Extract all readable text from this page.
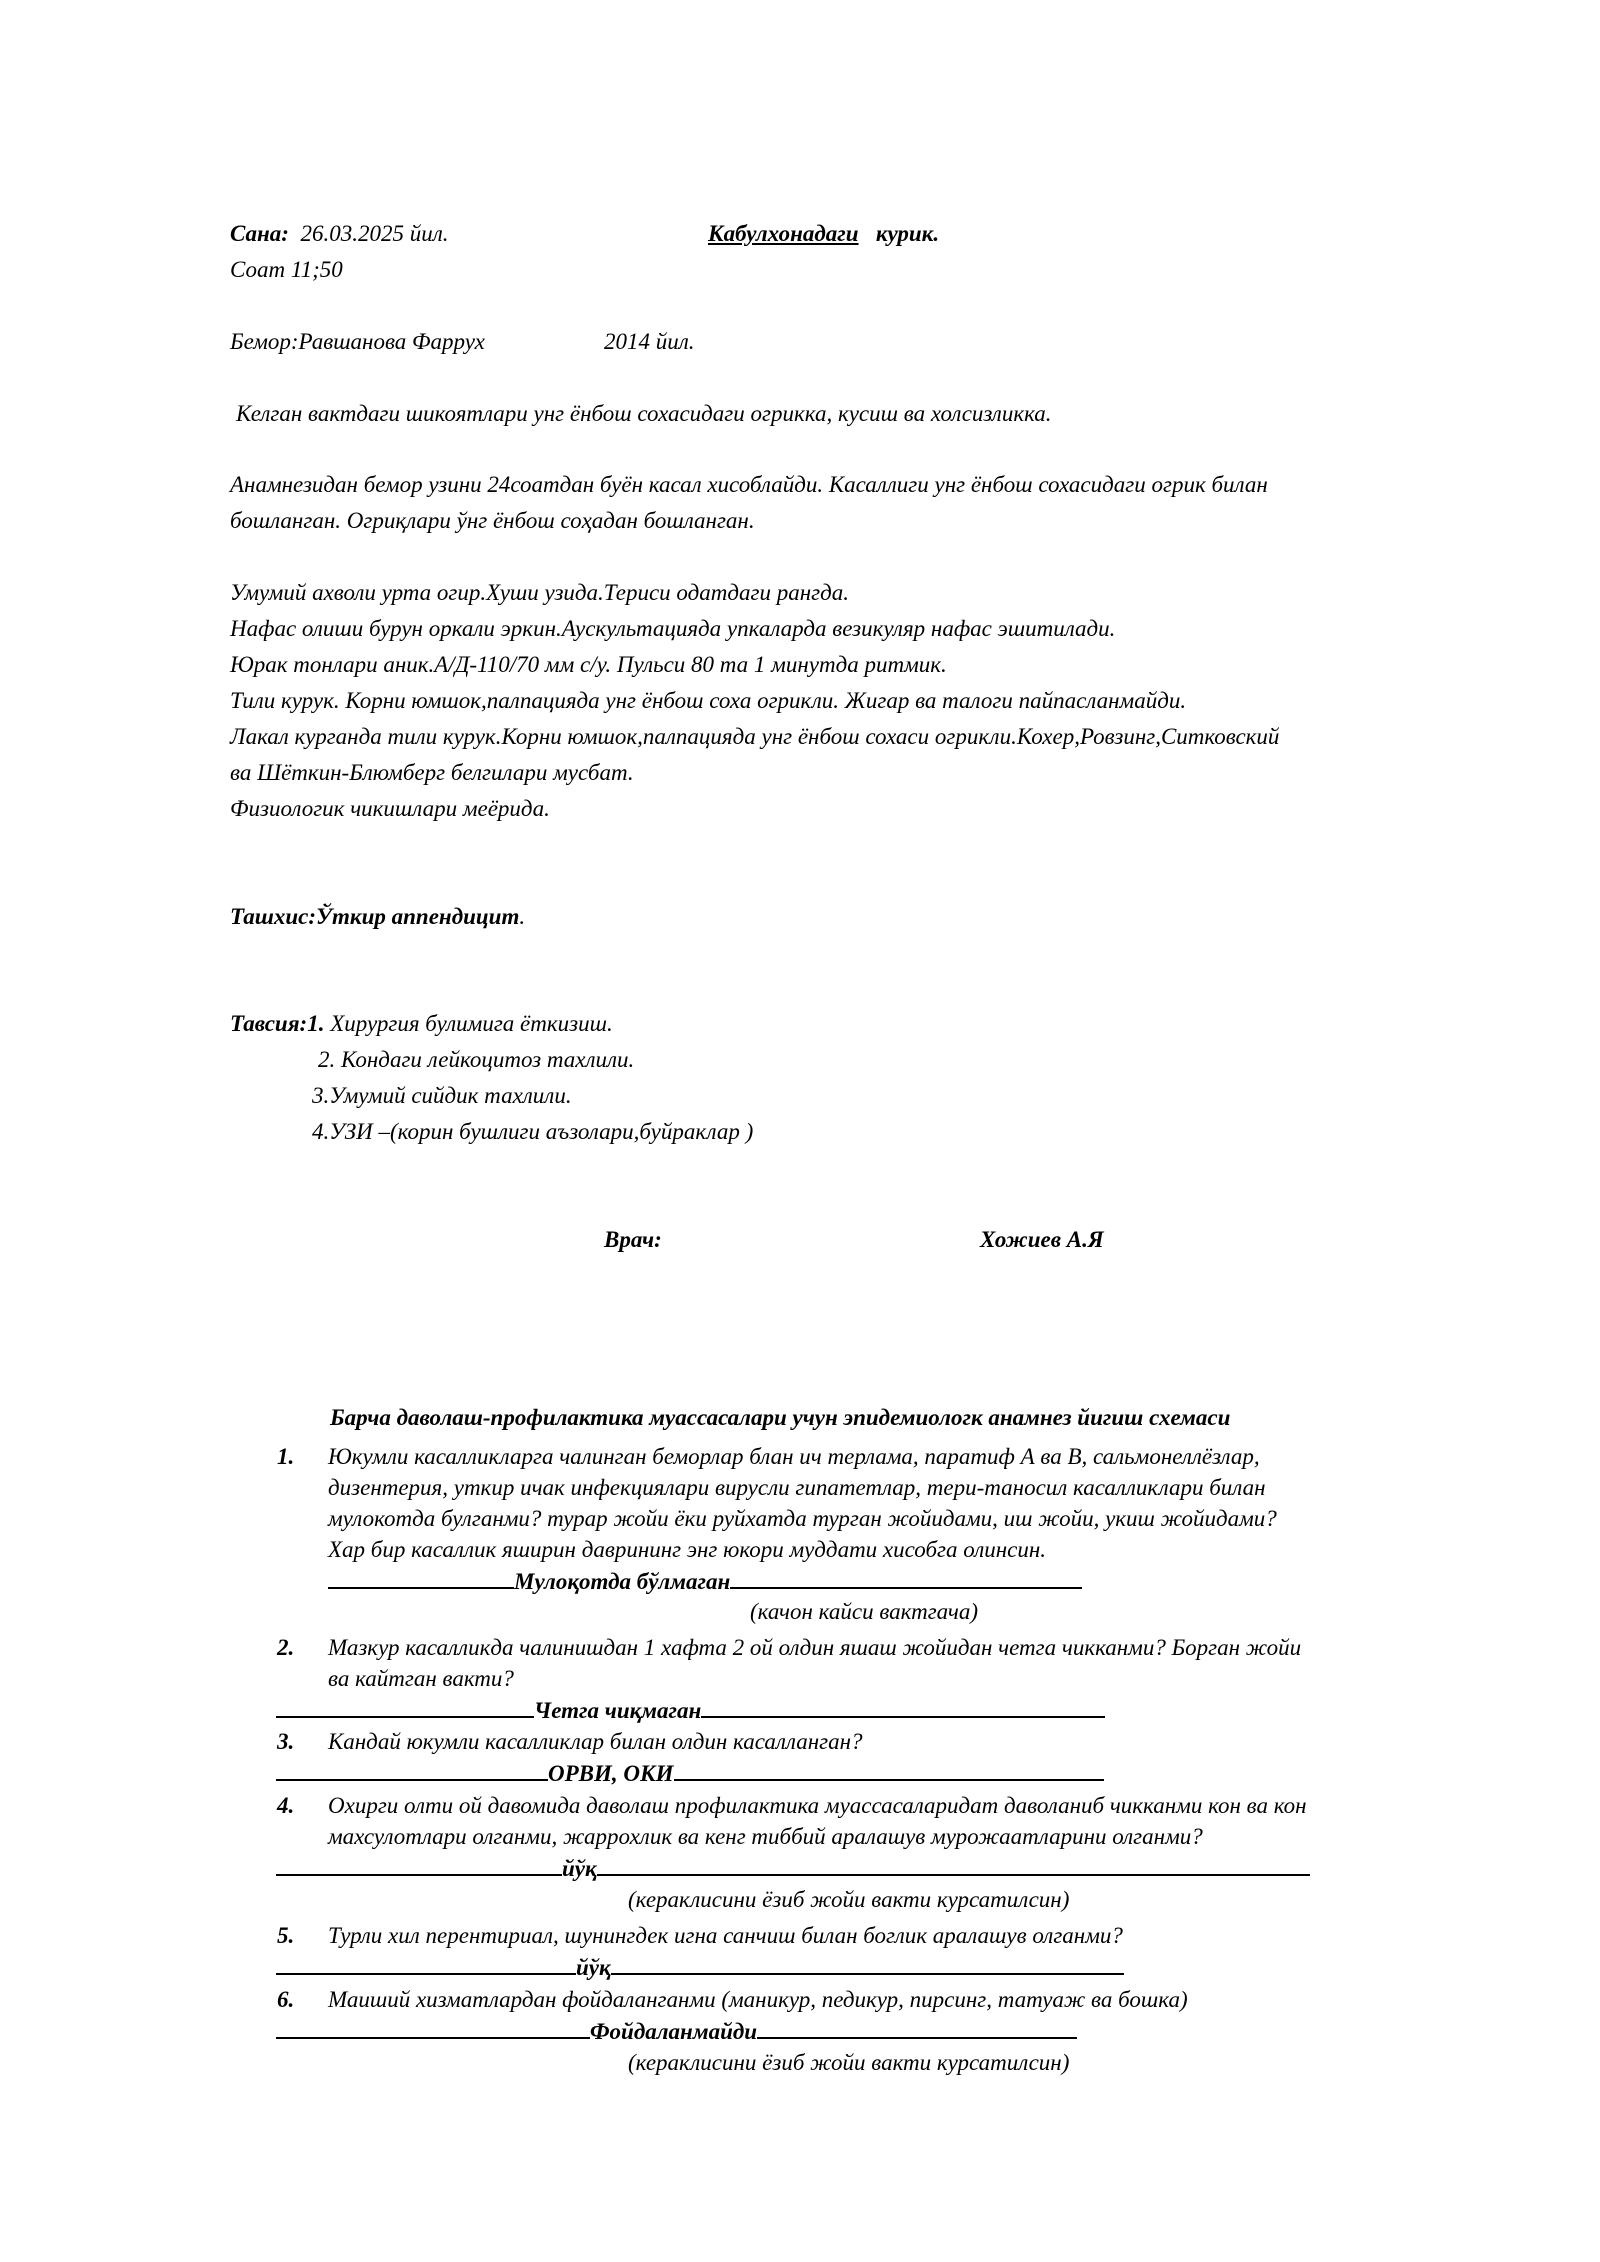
Сана: 26.03.2025 йил.	Кабулхонадаги курик.
Соат 11;50
Бемор:Равшанова Фаррух	2014 йил.
Келган вактдаги шикоятлари унг ёнбош сохасидаги огрикка, кусиш ва холсизликка.
Анамнезидан бемор узини 24соатдан буён касал хисоблайди. Касаллиги унг ёнбош сохасидаги огрик билан
бошланган. Огриқлари ўнг ёнбош соҳадан бошланган.
Умумий ахволи урта огир.Хуши узида.Териси одатдаги рангда.
Нафас олиши бурун оркали эркин.Аускультацияда упкаларда везикуляр нафас эшитилади.
Юрак тонлари аник.А/Д-110/70 мм с/у. Пульси 80 та 1 минутда ритмик.
Тили курук. Корни юмшок,палпацияда унг ёнбош соха огрикли. Жигар ва талоги пайпасланмайди.
Лакал курганда тили курук.Корни юмшок,палпацияда унг ёнбош сохаси огрикли.Кохер,Ровзинг,Ситковский
ва Шёткин-Блюмберг белгилари мусбат.
Физиологик чикишлари меёрида.
Ташхис:Ўткир аппендицит.
Тавсия:1. Хирургия булимига ёткизиш.
2. Кондаги лейкоцитоз тахлили.
3.Умумий сийдик тахлили.
4.УЗИ –(корин бушлиги аъзолари,буйраклар )
Врач:	Хожиев А.Я
Барча даволаш-профилактика муассасалари учун эпидемиологк анамнез йигиш схемаси
1. Юкумли касалликларга чалинган беморлар блан ич терлама, паратиф А ва В, сальмонеллёзлар,
дизентерия, уткир ичак инфекциялари вирусли гипатетлар, тери-таносил касалликлари билан
мулокотда булганми? турар жойи ёки руйхатда турган жойидами, иш жойи, укиш жойидами?
Хар бир касаллик яширин даврининг энг юкори муддати хисобга олинсин.
Мулоқотда бўлмаган
(качон кайси вактгача)
2. Мазкур касалликда чалинишдан 1 хафта 2 ой олдин яшаш жойидан четга чикканми? Борган жойи
ва кайтган вакти?
Четга чиқмаган
3. Кандай юкумли касалликлар билан олдин касалланган?
ОРВИ, ОКИ
4. Охирги олти ой давомида даволаш профилактика муассасаларидат даволаниб чикканми кон ва кон
махсулотлари олганми, жаррохлик ва кенг тиббий аралашув мурожаатларини олганми?
йўқ
(кераклисини ёзиб жойи вакти курсатилсин)
5. Турли хил перентириал, шунингдек игна санчиш билан боглик аралашув олганми?
йўқ
6. Маиший хизматлардан фойдаланганми (маникур, педикур, пирсинг, татуаж ва бошка)
Фойдаланмайди
(кераклисини ёзиб жойи вакти курсатилсин)
